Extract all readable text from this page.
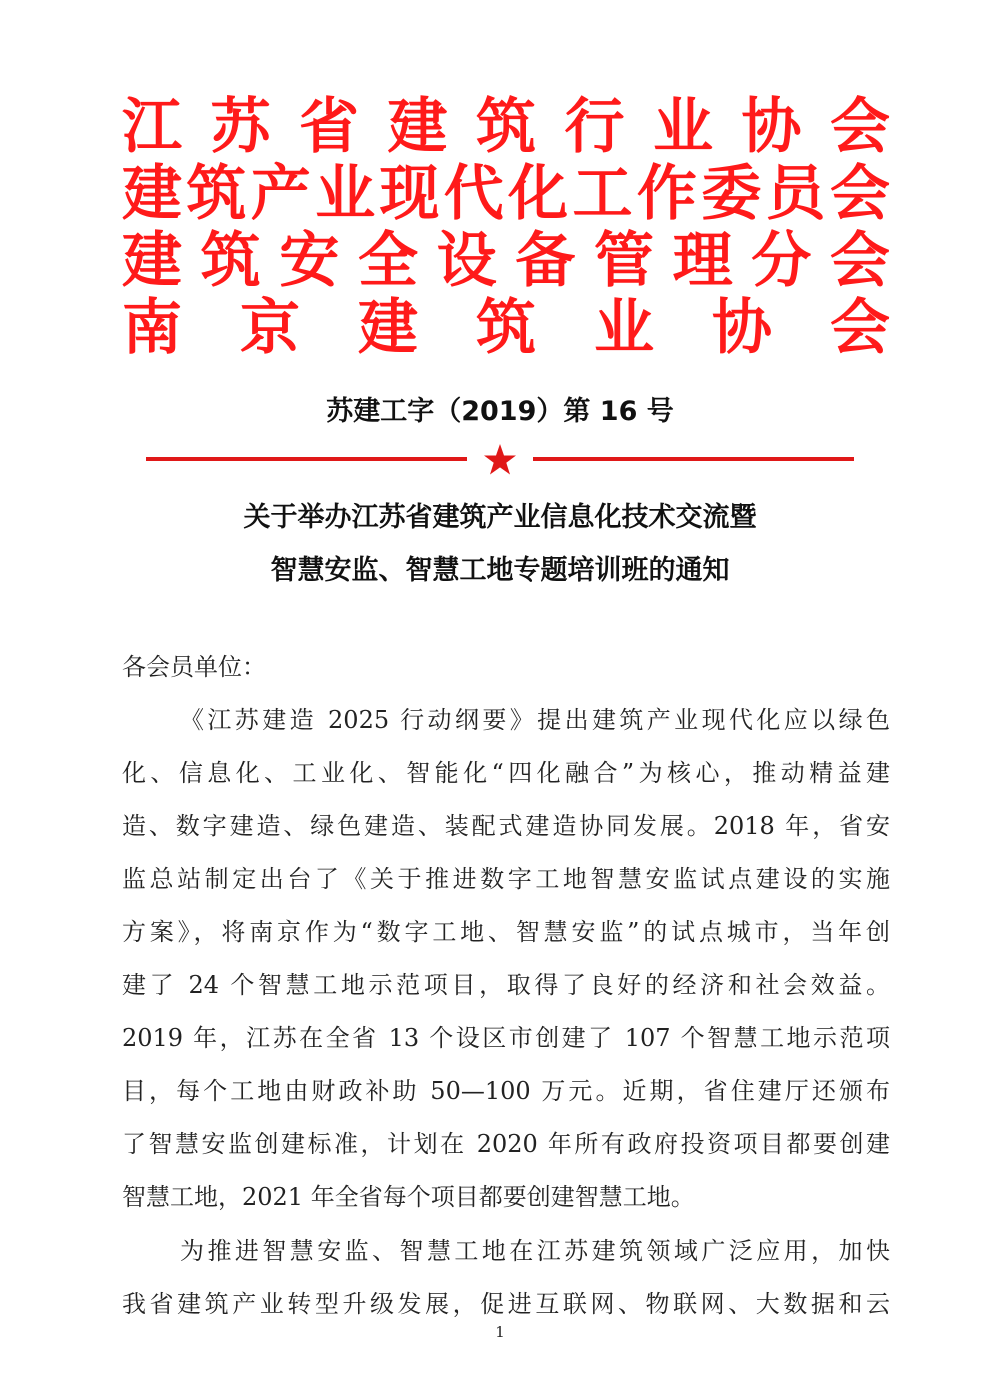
江 苏 省 建 筑 行 业 协 会
建 筑 产 业 现 代 化 工 作 委 员 会
建 筑 安 全 设 备 管 理 分 会
南 京 建 筑 业 协 会
苏建工字（2019）第 16 号
关于举办江苏省建筑产业信息化技术交流暨
智慧安监、智慧工地专题培训班的通知
各会员单位：
《江苏建造 2025 行动纲要》提出建筑产业现代化应以绿色
化、信息化、工业化、智能化“四化融合”为核心，推动精益建
造、数字建造、绿色建造、装配式建造协同发展。2018 年，省安
监总站制定出台了《关于推进数字工地智慧安监试点建设的实施
方案》，将南京作为“数字工地、智慧安监”的试点城市，当年创
建了 24 个智慧工地示范项目，取得了良好的经济和社会效益。
2019 年，江苏在全省 13 个设区市创建了 107 个智慧工地示范项
目，每个工地由财政补助 50—100 万元。近期，省住建厅还颁布
了智慧安监创建标准，计划在 2020 年所有政府投资项目都要创建
智慧工地，2021 年全省每个项目都要创建智慧工地。
为推进智慧安监、智慧工地在江苏建筑领域广泛应用，加快
我省建筑产业转型升级发展，促进互联网、物联网、大数据和云
1
